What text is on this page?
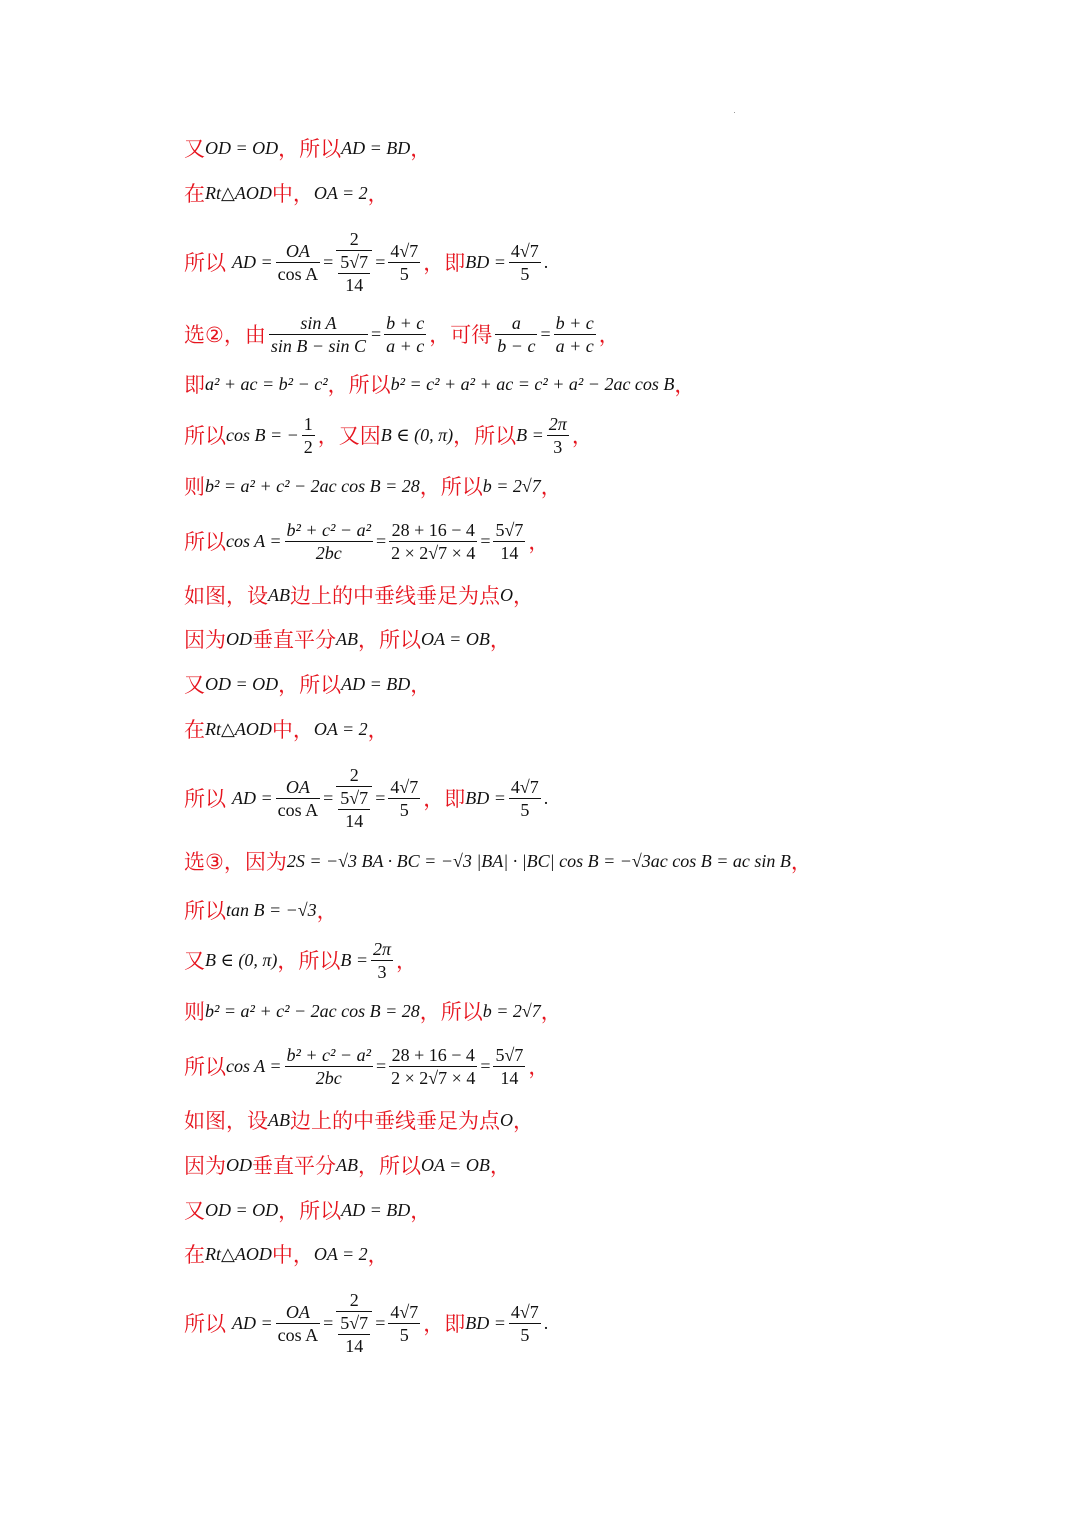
又 OD = OD ，所以 AD = BD ，
在 Rt△AOD 中， OA = 2 ，
所以 AD = $\frac{OA}{\text{cos A}} = \frac{2}{\frac{5√7}{14}} = \frac{4√7}{5}$ ，即 BD = $\frac{4√7}{5}$ .
选②，由 $\frac{\text{sin A}}{\text{sin B − sin C}} = \frac{b + c}{a + c}$ ，可得 $\frac{a}{b - c} = \frac{b + c}{a + c}$ ，
即 a² + ac = b² − c² ，所以 b² = c² + a² + ac = c² + a² − 2ac cos B ，
所以 cos B = − $\frac{1}{2}$ ，又因 B ∈ (0, π) ，所以 $B = \frac{2\pi}{3}$ ，
则 b² = a² + c² − 2ac cos B = 28 ，所以 b = 2√7 ，
所以 $\cos A = \frac{\text{b² + c² − a²}}{2bc} = \frac{28 + 16 - 4}{2 \times 2√7 \times 4} = \frac{5√7}{14}$ ，
如图，设 AB 边上的中垂线垂足为点 O ，
因为 OD 垂直平分 AB ，所以 OA = OB ，
又 OD = OD ，所以 AD = BD ，
在 Rt△AOD 中， OA = 2 ，
所以 AD = $\frac{OA}{\text{cos A}} = \frac{2}{\frac{5√7}{14}} = \frac{4√7}{5}$ ，即 BD = $\frac{4√7}{5}$ .
选③，因为 2S = −√3 BA · BC = −√3 |BA| · |BC| cos B = −√3ac cos B = ac sin B ，
所以 tan B = −√3 ，
又 B ∈ (0, π) ，所以 $B = \frac{2\pi}{3}$ ，
则 b² = a² + c² − 2ac cos B = 28 ，所以 b = 2√7 ，
所以 $\cos A = \frac{\text{b² + c² − a²}}{2bc} = \frac{28 + 16 - 4}{2 \times 2√7 \times 4} = \frac{5√7}{14}$ ，
如图，设 AB 边上的中垂线垂足为点 O ，
因为 OD 垂直平分 AB ，所以 OA = OB ，
又 OD = OD ，所以 AD = BD ，
在 Rt△AOD 中， OA = 2 ，
所以 AD = $\frac{OA}{\text{cos A}} = \frac{2}{\frac{5√7}{14}} = \frac{4√7}{5}$ ，即 BD = $\frac{4√7}{5}$ .
